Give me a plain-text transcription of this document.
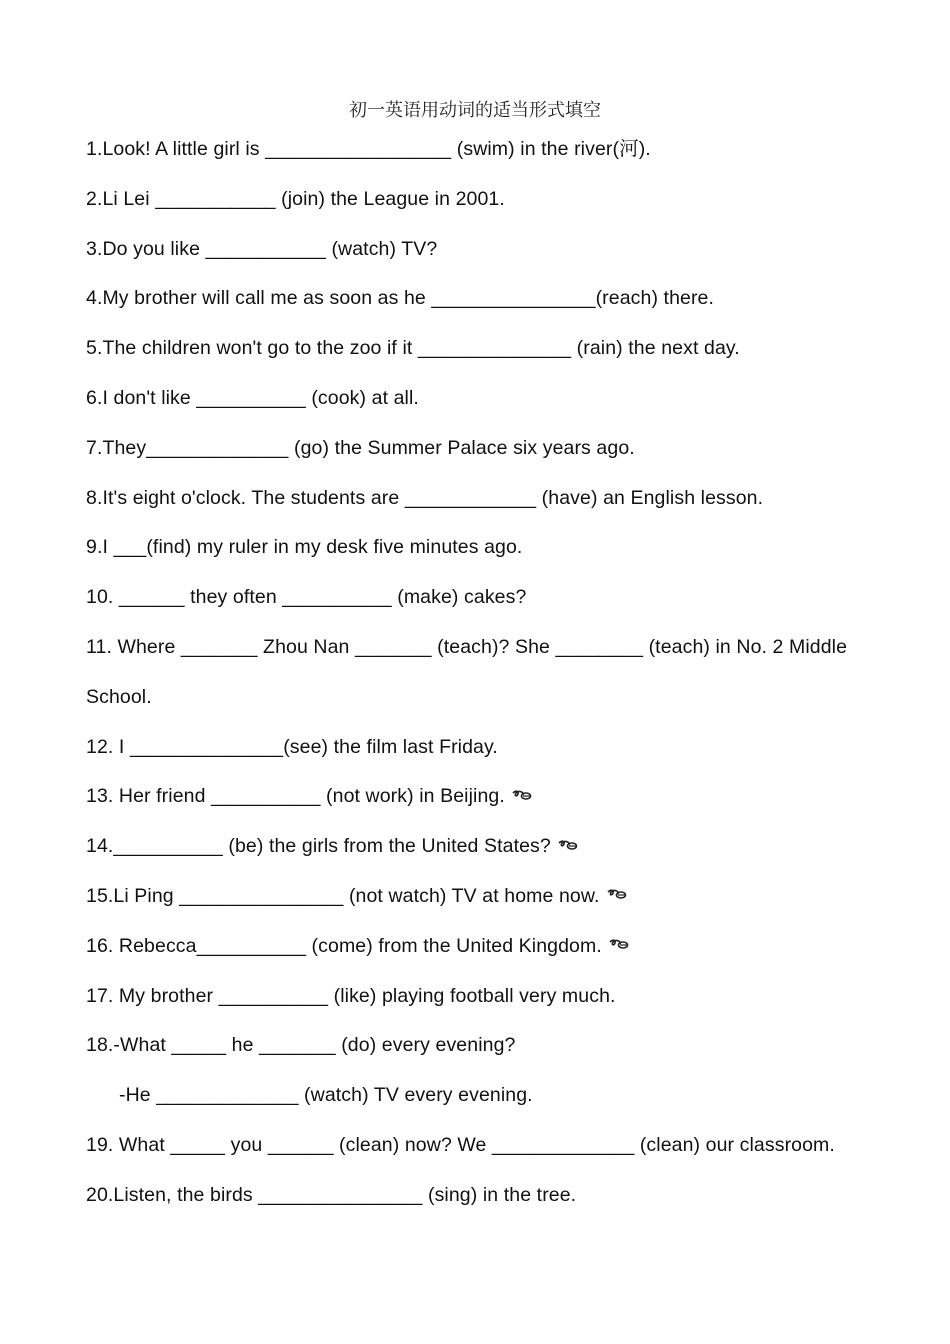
初一英语用动词的适当形式填空
1.Look! A little girl is _________________ (swim) in the river(河).
2.Li Lei ___________ (join) the League in 2001.
3.Do you like ___________ (watch) TV?
4.My brother will call me as soon as he _______________(reach) there.
5.The children won't go to the zoo if it ______________ (rain) the next day.
6.I don't like __________ (cook) at all.
7.They_____________ (go) the Summer Palace six years ago.
8.It's eight o'clock. The students are ____________ (have) an English lesson.
9.I ___(find) my ruler in my desk five minutes ago.
10. ______ they often __________ (make) cakes?
11. Where _______ Zhou Nan _______ (teach)? She ________ (teach) in No. 2 Middle
School.
12. I ______________(see) the film last Friday.
13. Her friend __________ (not work) in Beijing.
14.__________ (be) the girls from the United States?
15.Li Ping _______________ (not watch) TV at home now.
16. Rebecca__________ (come) from the United Kingdom.
17. My brother __________ (like) playing football very much.
18.-What _____ he _______ (do) every evening?
-He _____________ (watch) TV every evening.
19. What _____ you ______ (clean) now? We _____________ (clean) our classroom.
20.Listen, the birds _______________ (sing) in the tree.
